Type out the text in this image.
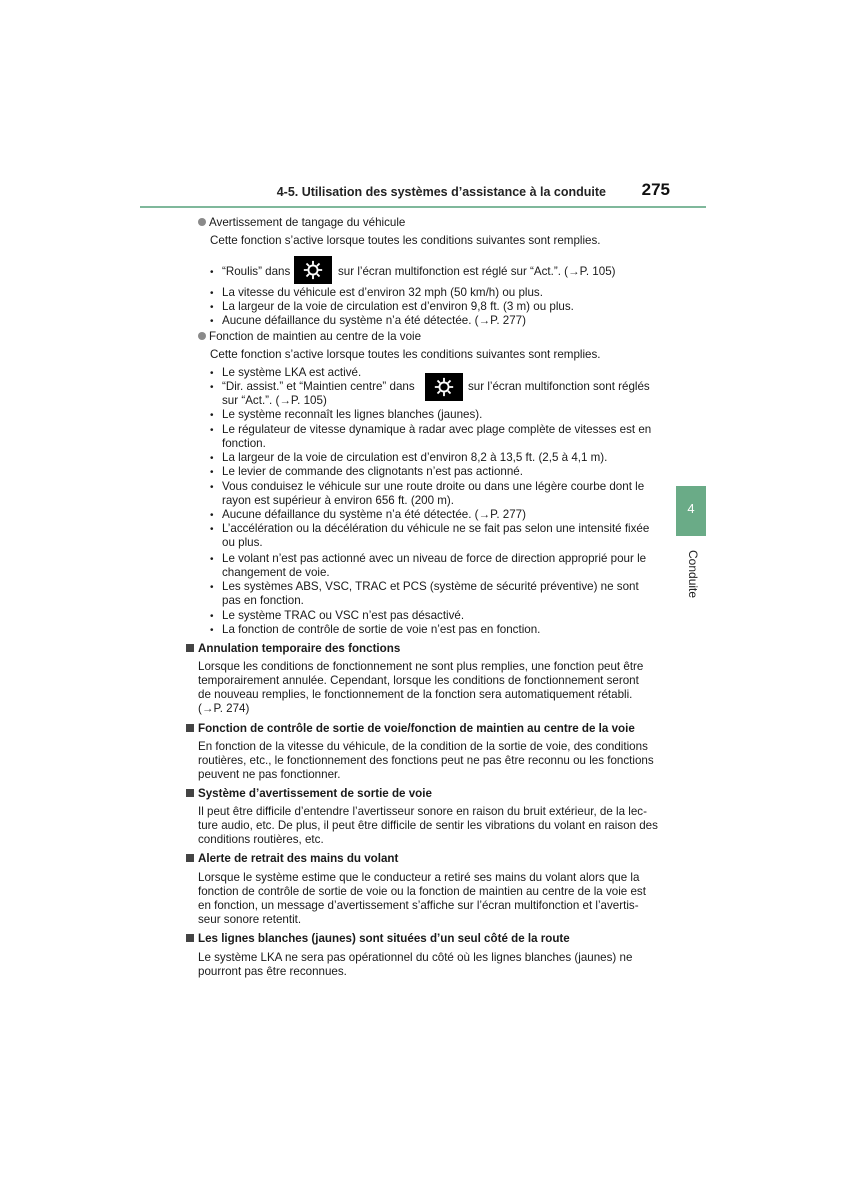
4-5. Utilisation des systèmes d’assistance à la conduite 275
4
Conduite
Avertissement de tangage du véhicule
Cette fonction s’active lorsque toutes les conditions suivantes sont remplies.
• “Roulis” dans	sur l’écran multifonction est réglé sur “Act.”. (→P. 105)
• La vitesse du véhicule est d’environ 32 mph (50 km/h) ou plus.
• La largeur de la voie de circulation est d’environ 9,8 ft. (3 m) ou plus.
• Aucune défaillance du système n’a été détectée. (→P. 277)
Fonction de maintien au centre de la voie
Cette fonction s’active lorsque toutes les conditions suivantes sont remplies.
• Le système LKA est activé.
• “Dir. assist.” et “Maintien centre” dans	sur l’écran multifonction sont réglés
sur “Act.”. (→P. 105)
• Le système reconnaît les lignes blanches (jaunes).
• Le régulateur de vitesse dynamique à radar avec plage complète de vitesses est en
fonction.
• La largeur de la voie de circulation est d’environ 8,2 à 13,5 ft. (2,5 à 4,1 m).
• Le levier de commande des clignotants n’est pas actionné.
• Vous conduisez le véhicule sur une route droite ou dans une légère courbe dont le
rayon est supérieur à environ 656 ft. (200 m).
• Aucune défaillance du système n’a été détectée. (→P. 277)
• L’accélération ou la décélération du véhicule ne se fait pas selon une intensité fixée
ou plus.
• Le volant n’est pas actionné avec un niveau de force de direction approprié pour le
changement de voie.
• Les systèmes ABS, VSC, TRAC et PCS (système de sécurité préventive) ne sont
pas en fonction.
• Le système TRAC ou VSC n’est pas désactivé.
• La fonction de contrôle de sortie de voie n’est pas en fonction.
Annulation temporaire des fonctions
Lorsque les conditions de fonctionnement ne sont plus remplies, une fonction peut être
temporairement annulée. Cependant, lorsque les conditions de fonctionnement seront
de nouveau remplies, le fonctionnement de la fonction sera automatiquement rétabli.
(→P. 274)
Fonction de contrôle de sortie de voie/fonction de maintien au centre de la voie
En fonction de la vitesse du véhicule, de la condition de la sortie de voie, des conditions
routières, etc., le fonctionnement des fonctions peut ne pas être reconnu ou les fonctions
peuvent ne pas fonctionner.
Système d’avertissement de sortie de voie
Il peut être difficile d’entendre l’avertisseur sonore en raison du bruit extérieur, de la lec-
ture audio, etc. De plus, il peut être difficile de sentir les vibrations du volant en raison des
conditions routières, etc.
Alerte de retrait des mains du volant
Lorsque le système estime que le conducteur a retiré ses mains du volant alors que la
fonction de contrôle de sortie de voie ou la fonction de maintien au centre de la voie est
en fonction, un message d’avertissement s’affiche sur l’écran multifonction et l’avertis-
seur sonore retentit.
Les lignes blanches (jaunes) sont situées d’un seul côté de la route
Le système LKA ne sera pas opérationnel du côté où les lignes blanches (jaunes) ne
pourront pas être reconnues.
